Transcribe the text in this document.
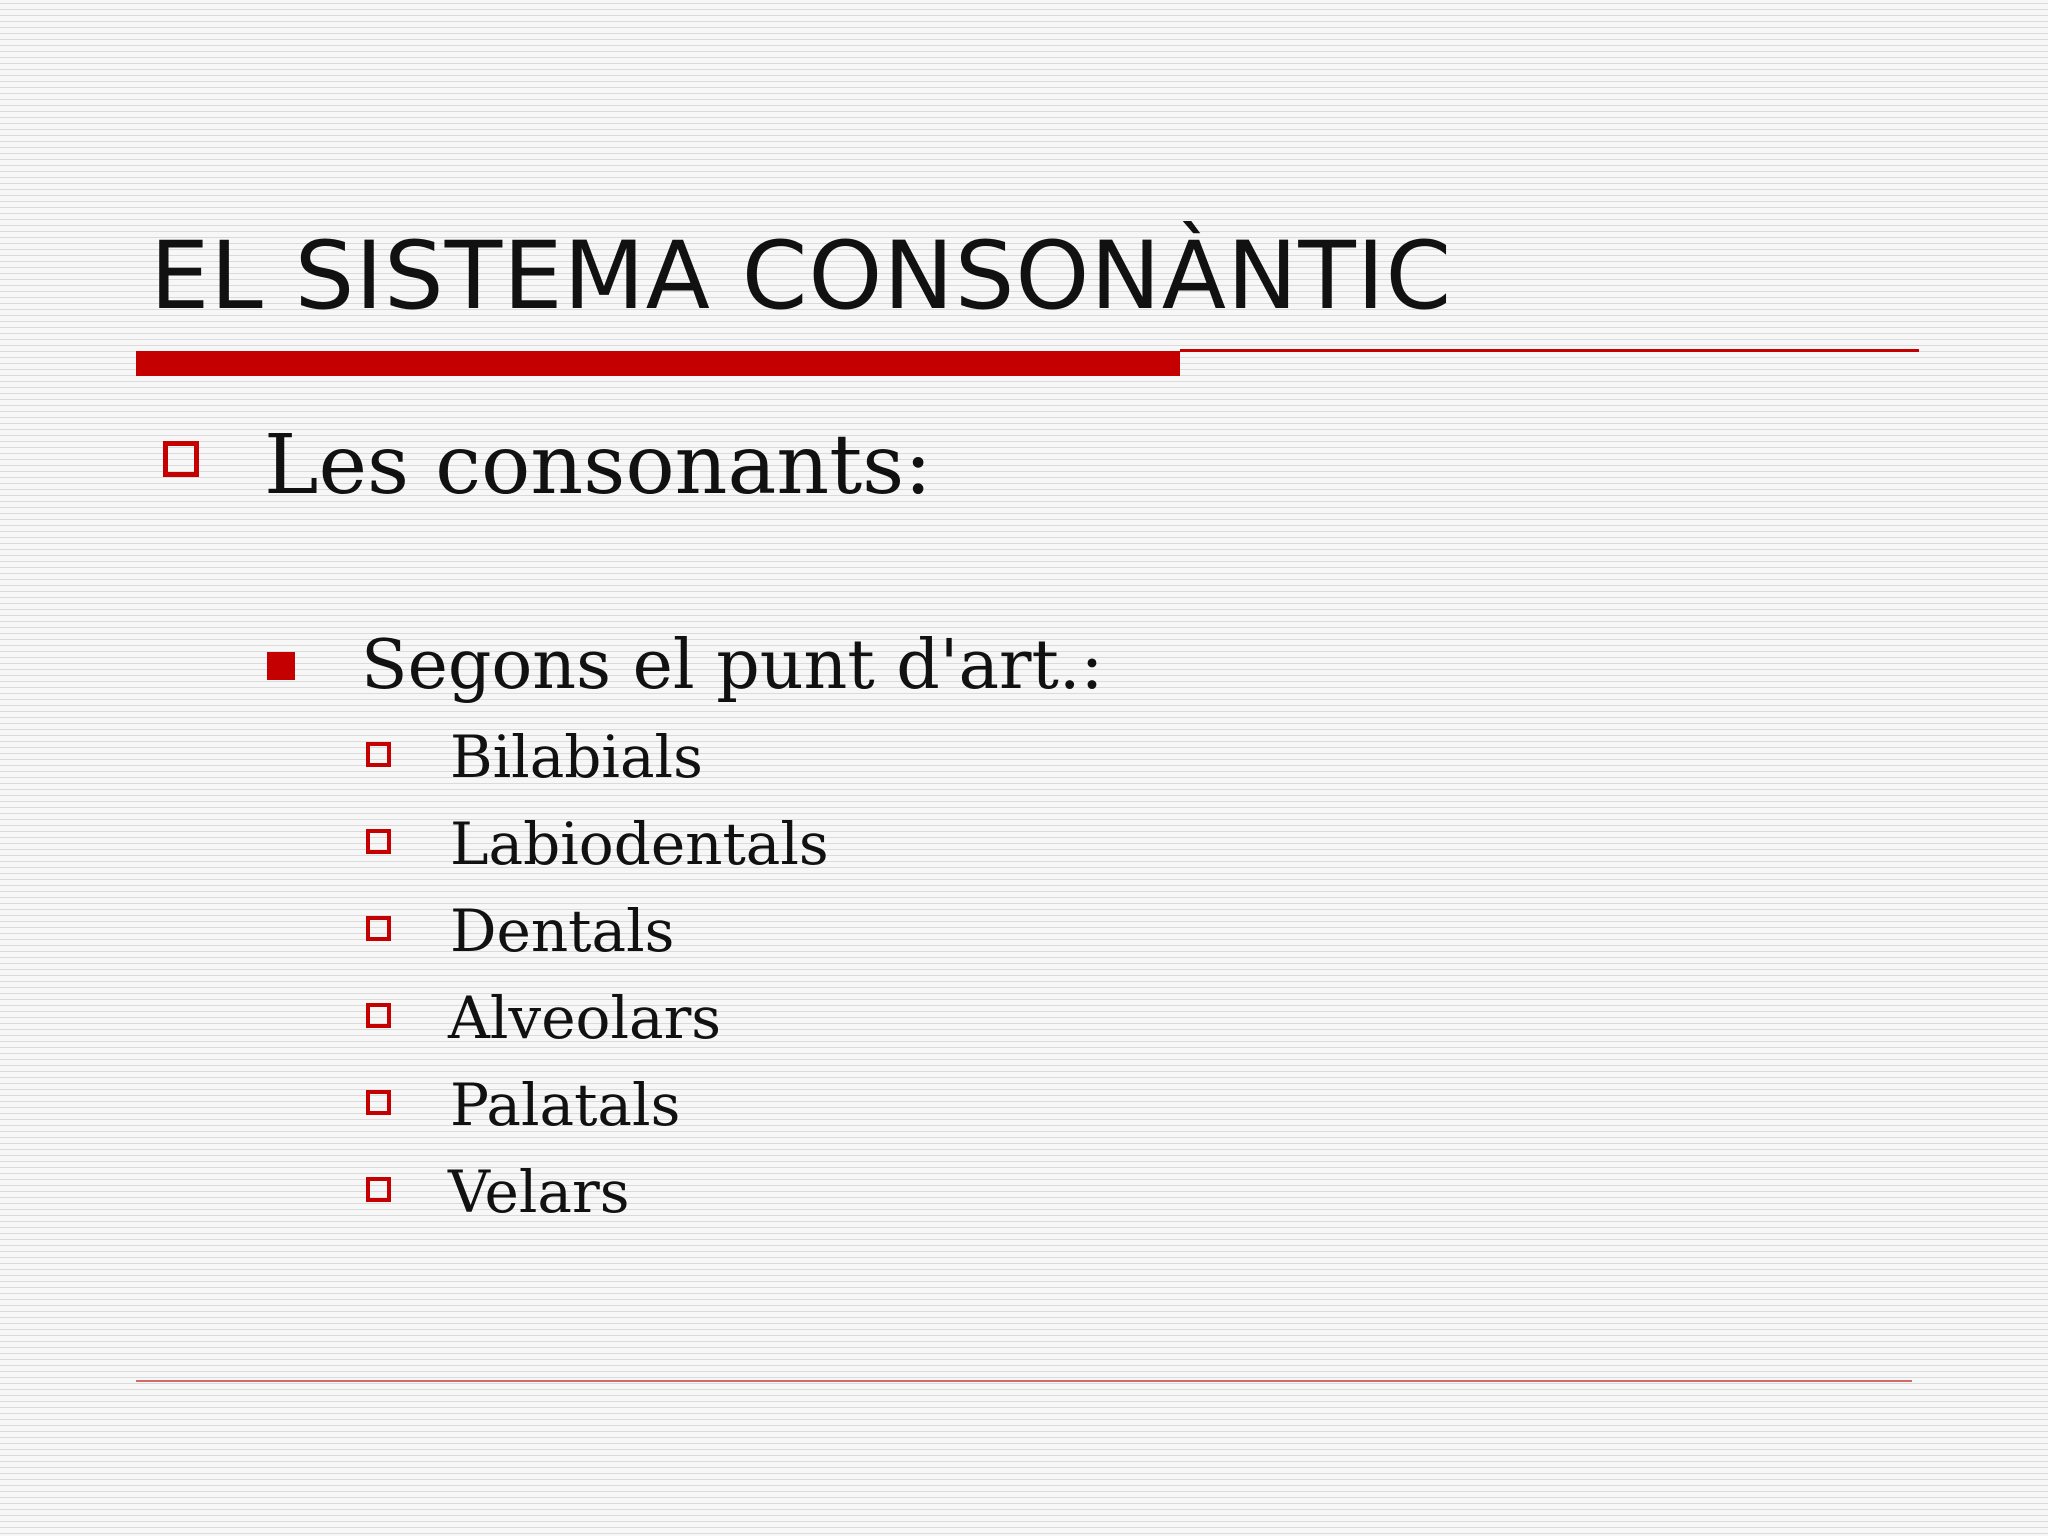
EL SISTEMA CONSONÀNTIC
Les consonants:
Segons el punt d'art.:
Bilabials
Labiodentals
Dentals
Alveolars
Palatals
Velars
